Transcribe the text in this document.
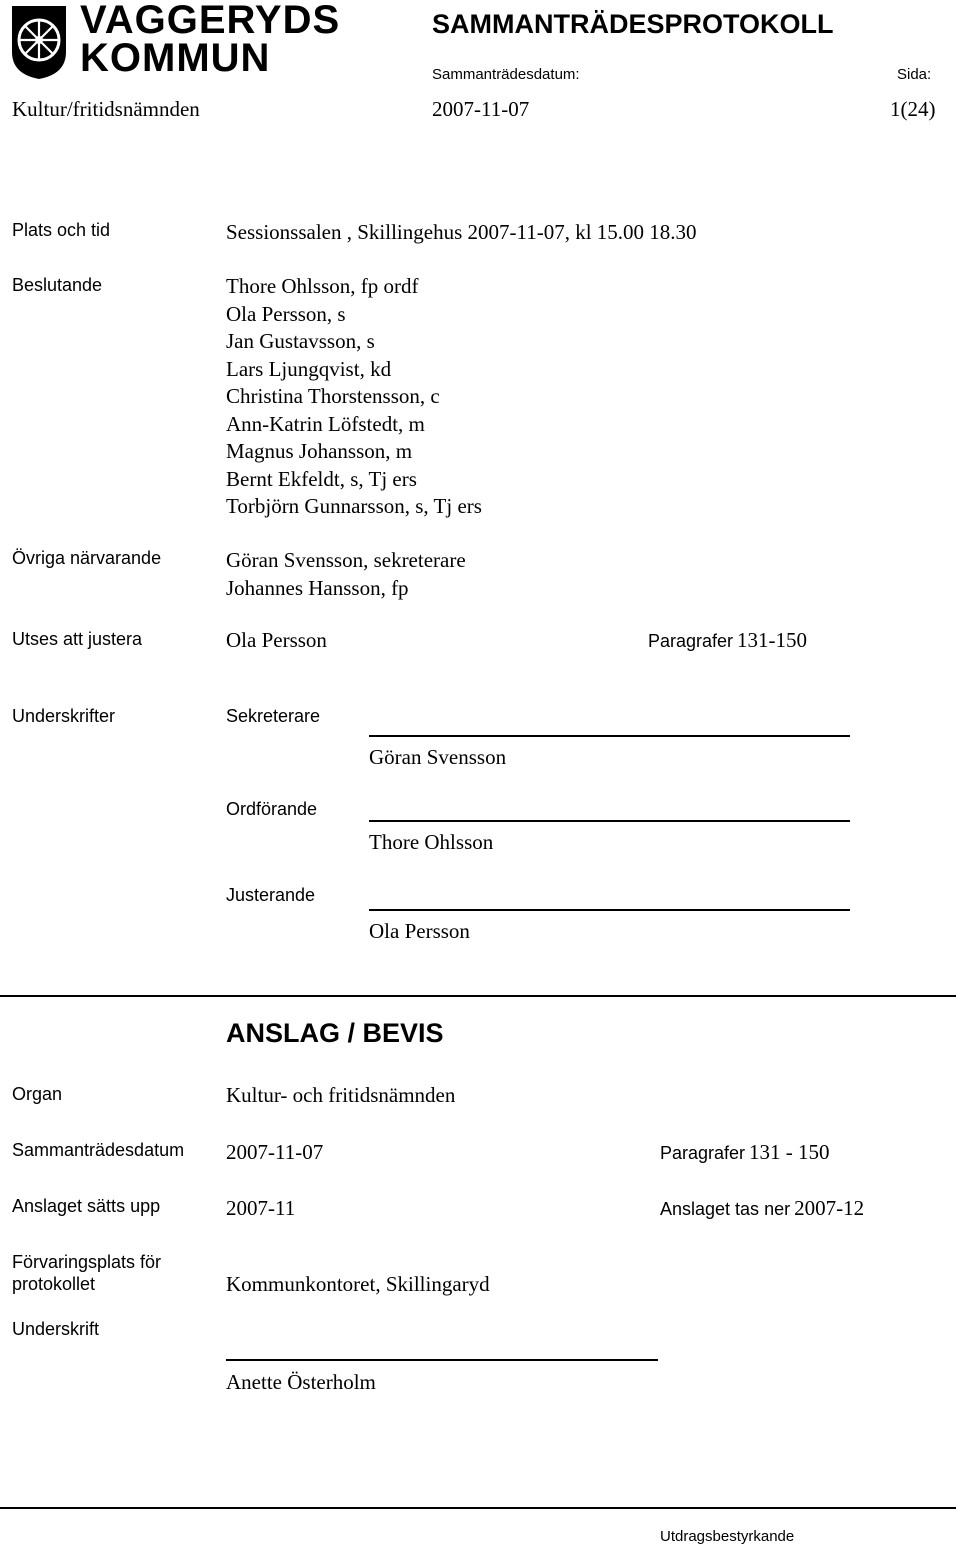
VAGGERYDS
KOMMUN
SAMMANTRÄDESPROTOKOLL
Sammanträdesdatum:	Sida:
Kultur/fritidsnämnden	2007-11-07	1(24)
Plats och tid	Sessionssalen , Skillingehus 2007-11-07, kl 15.00 18.30
Beslutande	Thore Ohlsson, fp ordf
Ola Persson, s
Jan Gustavsson, s
Lars Ljungqvist, kd
Christina Thorstensson, c
Ann-Katrin Löfstedt, m
Magnus Johansson, m
Bernt Ekfeldt, s, Tj ers
Torbjörn Gunnarsson, s, Tj ers
Övriga närvarande	Göran Svensson, sekreterare
Johannes Hansson, fp
Utses att justera	Ola Persson	Paragrafer 131-150
Underskrifter	Sekreterare
Göran Svensson
Ordförande
Thore Ohlsson
Justerande
Ola Persson
ANSLAG / BEVIS
Organ	Kultur- och fritidsnämnden
Sammanträdesdatum 2007-11-07	Paragrafer 131 - 150
Anslaget sätts upp	2007-11	Anslaget tas ner 2007-12
Förvaringsplats för
protokollet	Kommunkontoret, Skillingaryd
Underskrift
Anette Österholm
Utdragsbestyrkande
